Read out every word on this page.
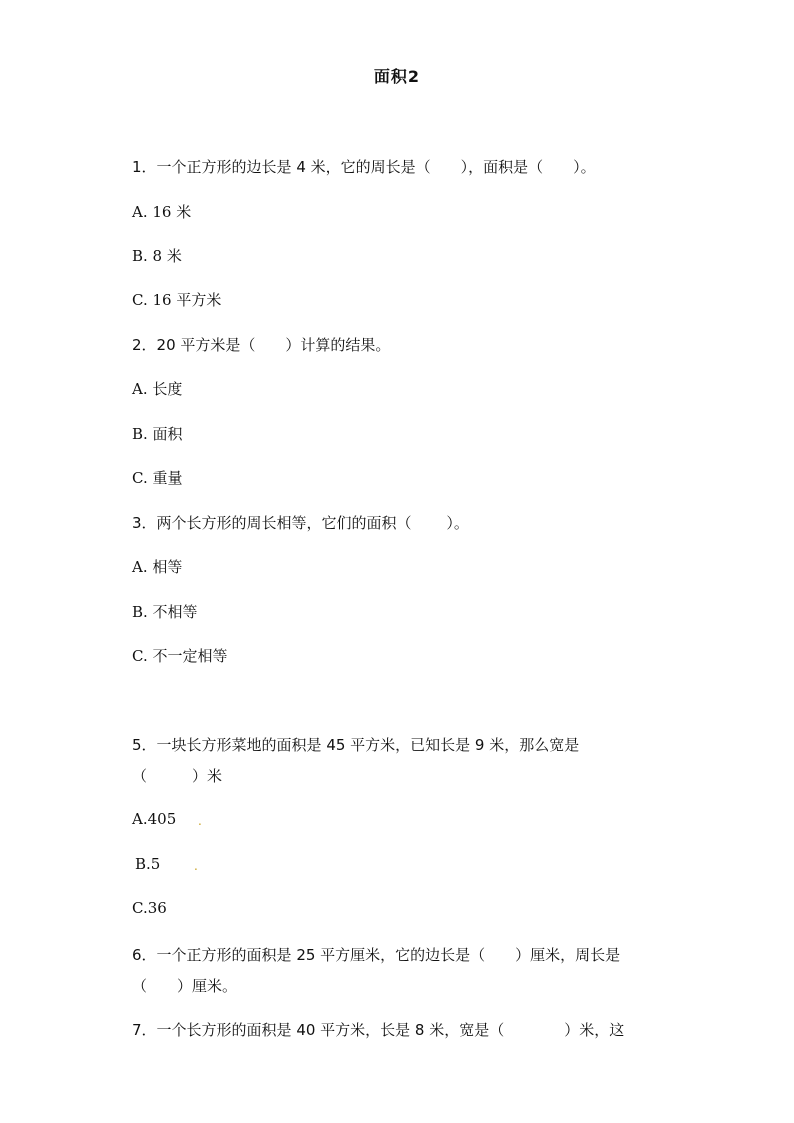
面积2
1．一个正方形的边长是 4 米，它的周长是（　　），面积是（　　）。
A. 16 米
B. 8 米
C. 16 平方米
2．20 平方米是（　　）计算的结果。
A. 长度
B. 面积
C. 重量
3．两个长方形的周长相等，它们的面积（　　 ）。
A. 相等
B. 不相等
C. 不一定相等
5．一块长方形菜地的面积是 45 平方米，已知长是 9 米，那么宽是
（　　　）米
A.405	.
B.5	.
C.36
6．一个正方形的面积是 25 平方厘米，它的边长是（　　）厘米，周长是
（　　）厘米。
7．一个长方形的面积是 40 平方米，长是 8 米，宽是（　　　　）米，这
